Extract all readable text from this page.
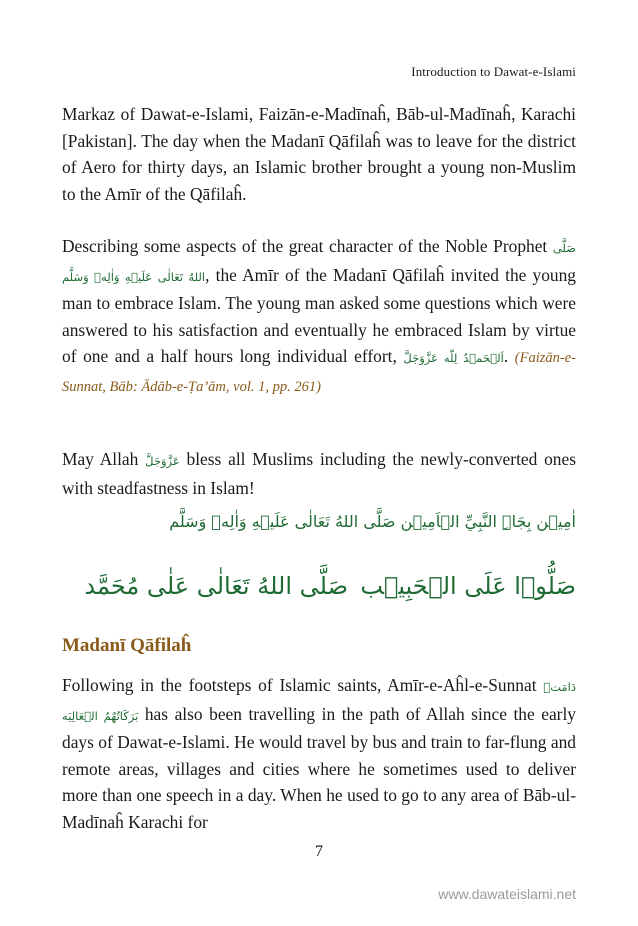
Introduction to Dawat-e-Islami
Markaz of Dawat-e-Islami, Faizān-e-Madīnaĥ, Bāb-ul-Madīnaĥ, Karachi [Pakistan]. The day when the Madanī Qāfilaĥ was to leave for the district of Aero for thirty days, an Islamic brother brought a young non-Muslim to the Amīr of the Qāfilaĥ.
Describing some aspects of the great character of the Noble Prophet صَلَّى اللهُ تَعَالٰى عَلَيۡهِ وَاٰلِهٖ وَسَلَّم, the Amīr of the Madanī Qāfilaĥ invited the young man to embrace Islam. The young man asked some questions which were answered to his satisfaction and eventually he embraced Islam by virtue of one and a half hours long individual effort, اَلۡحَمۡدُ لِلّٰه عَزَّوَجَلَّ. (Faizān-e-Sunnat, Bāb: Ādāb-e-Ṭa’ām, vol. 1, pp. 261)
May Allah عَزَّوَجَلَّ bless all Muslims including the newly-converted ones with steadfastness in Islam!
اٰمِيۡن بِجَاہِ النَّبِيِّ الۡاَمِيۡن صَلَّى اللهُ تَعَالٰى عَلَيۡهِ وَاٰلِهٖ وَسَلَّم
صَلُّوۡا عَلَى الۡحَبِيۡب
صَلَّى اللهُ تَعَالٰى عَلٰى مُحَمَّد
Madanī Qāfilaĥ
Following in the footsteps of Islamic saints, Amīr-e-Aĥl-e-Sunnat دَامَتۡ بَرَكَاتُهُمُ الۡعَالِيَه has also been travelling in the path of Allah since the early days of Dawat-e-Islami. He would travel by bus and train to far-flung and remote areas, villages and cities where he sometimes used to deliver more than one speech in a day. When he used to go to any area of Bāb-ul-Madīnaĥ Karachi for
7
www.dawateislami.net
